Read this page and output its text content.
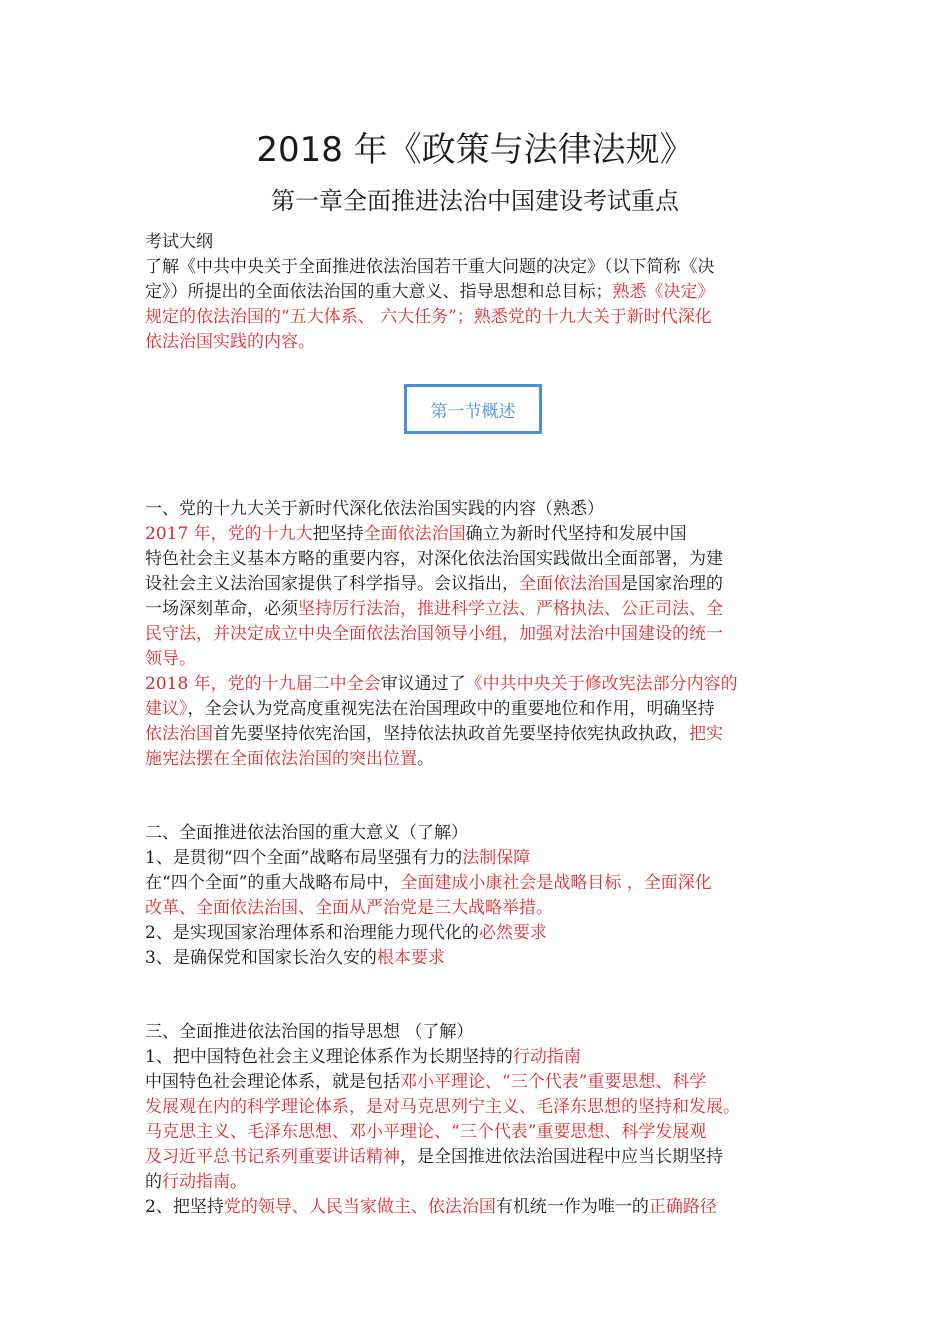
2018 年《政策与法律法规》
第一章全面推进法治中国建设考试重点
考试大纲
了解《中共中央关于全面推进依法治国若干重大问题的决定》（以下简称《决
定》）所提出的全面依法治国的重大意义、指导思想和总目标；熟悉《决定》
规定的依法治国的“五大体系、 六大任务”；熟悉党的十九大关于新时代深化
依法治国实践的内容。
第一节概述
一、党的十九大关于新时代深化依法治国实践的内容（熟悉）
2017 年，党的十九大把坚持全面依法治国确立为新时代坚持和发展中国
特色社会主义基本方略的重要内容，对深化依法治国实践做出全面部署，为建
设社会主义法治国家提供了科学指导。会议指出，全面依法治国是国家治理的
一场深刻革命，必须坚持厉行法治，推进科学立法、严格执法、公正司法、全
民守法，并决定成立中央全面依法治国领导小组，加强对法治中国建设的统一
领导。
2018 年，党的十九届二中全会审议通过了《中共中央关于修改宪法部分内容的
建议》，全会认为党高度重视宪法在治国理政中的重要地位和作用，明确坚持
依法治国首先要坚持依宪治国，坚持依法执政首先要坚持依宪执政执政，把实
施宪法摆在全面依法治国的突出位置。
二、全面推进依法治国的重大意义（了解）
1、是贯彻“四个全面”战略布局坚强有力的法制保障
在“四个全面”的重大战略布局中，全面建成小康社会是战略目标 ，全面深化
改革、全面依法治国、全面从严治党是三大战略举措。
2、是实现国家治理体系和治理能力现代化的必然要求
3、是确保党和国家长治久安的根本要求
三、全面推进依法治国的指导思想 （了解）
1、把中国特色社会主义理论体系作为长期坚持的行动指南
中国特色社会理论体系，就是包括邓小平理论、“三个代表”重要思想、科学
发展观在内的科学理论体系，是对马克思列宁主义、毛泽东思想的坚持和发展。
马克思主义、毛泽东思想、邓小平理论、“三个代表”重要思想、科学发展观
及习近平总书记系列重要讲话精神，是全国推进依法治国进程中应当长期坚持
的行动指南。
2、把坚持党的领导、人民当家做主、依法治国有机统一作为唯一的正确路径
